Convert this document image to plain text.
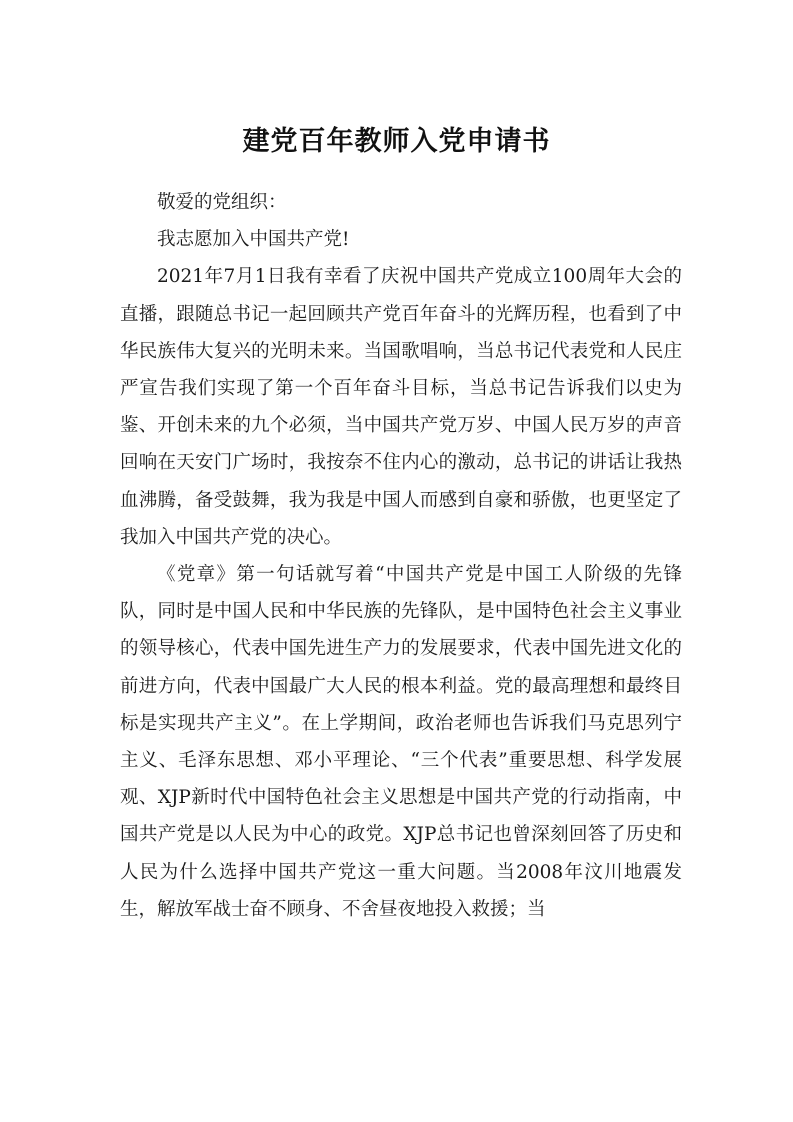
建党百年教师入党申请书

敬爱的党组织：

我志愿加入中国共产党!

2021年7月1日我有幸看了庆祝中国共产党成立100周年大会的直播，跟随总书记一起回顾共产党百年奋斗的光辉历程，也看到了中华民族伟大复兴的光明未来。当国歌唱响，当总书记代表党和人民庄严宣告我们实现了第一个百年奋斗目标，当总书记告诉我们以史为鉴、开创未来的九个必须，当中国共产党万岁、中国人民万岁的声音回响在天安门广场时，我按奈不住内心的激动，总书记的讲话让我热血沸腾，备受鼓舞，我为我是中国人而感到自豪和骄傲，也更坚定了我加入中国共产党的决心。

《党章》第一句话就写着“中国共产党是中国工人阶级的先锋队，同时是中国人民和中华民族的先锋队，是中国特色社会主义事业的领导核心，代表中国先进生产力的发展要求，代表中国先进文化的前进方向，代表中国最广大人民的根本利益。党的最高理想和最终目标是实现共产主义”。在上学期间，政治老师也告诉我们马克思列宁主义、毛泽东思想、邓小平理论、“三个代表”重要思想、科学发展观、XJP新时代中国特色社会主义思想是中国共产党的行动指南，中国共产党是以人民为中心的政党。XJP总书记也曾深刻回答了历史和人民为什么选择中国共产党这一重大问题。当2008年汶川地震发生，解放军战士奋不顾身、不舍昼夜地投入救援；当
